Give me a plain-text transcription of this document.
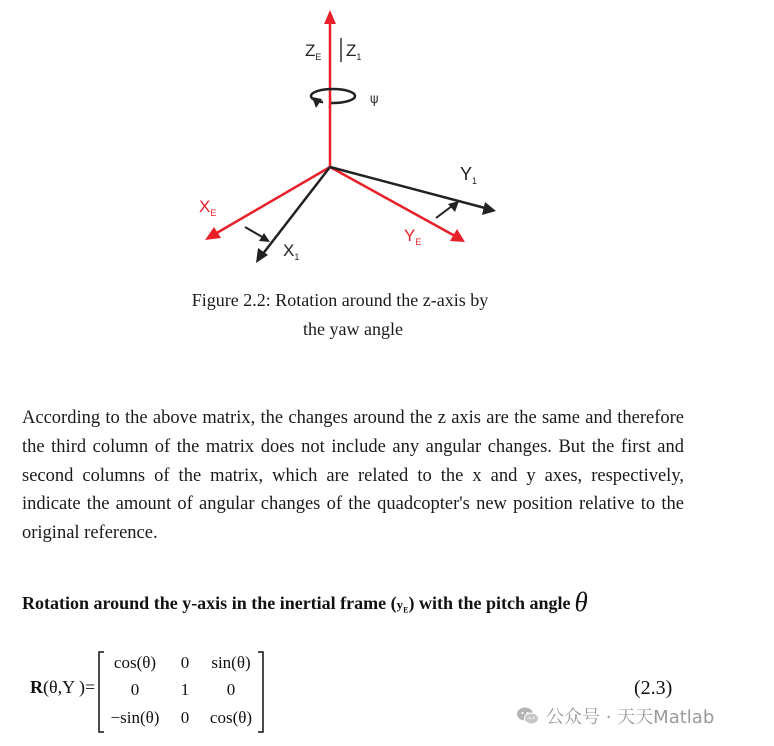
$Z_E$ $Z_1$
ψ
$Y_1$
$X_E$
$X_1$
$Y_E$
Figure 2.2: Rotation around the z-axis by
the yaw angle
According to the above matrix, the changes around the z axis are the same and therefore the third column of the matrix does not include any angular changes. But the first and second columns of the matrix, which are related to the x and y axes, respectively, indicate the amount of angular changes of the quadcopter's new position relative to the original reference.
Rotation around the y-axis in the inertial frame $(y_E)$ with the pitch angle θ
R(θ,Y )=
cos(θ)	0	sin(θ)
0	1	0
−sin(θ)	0	cos(θ)
(2.3)
公众号 · 天天Matlab
